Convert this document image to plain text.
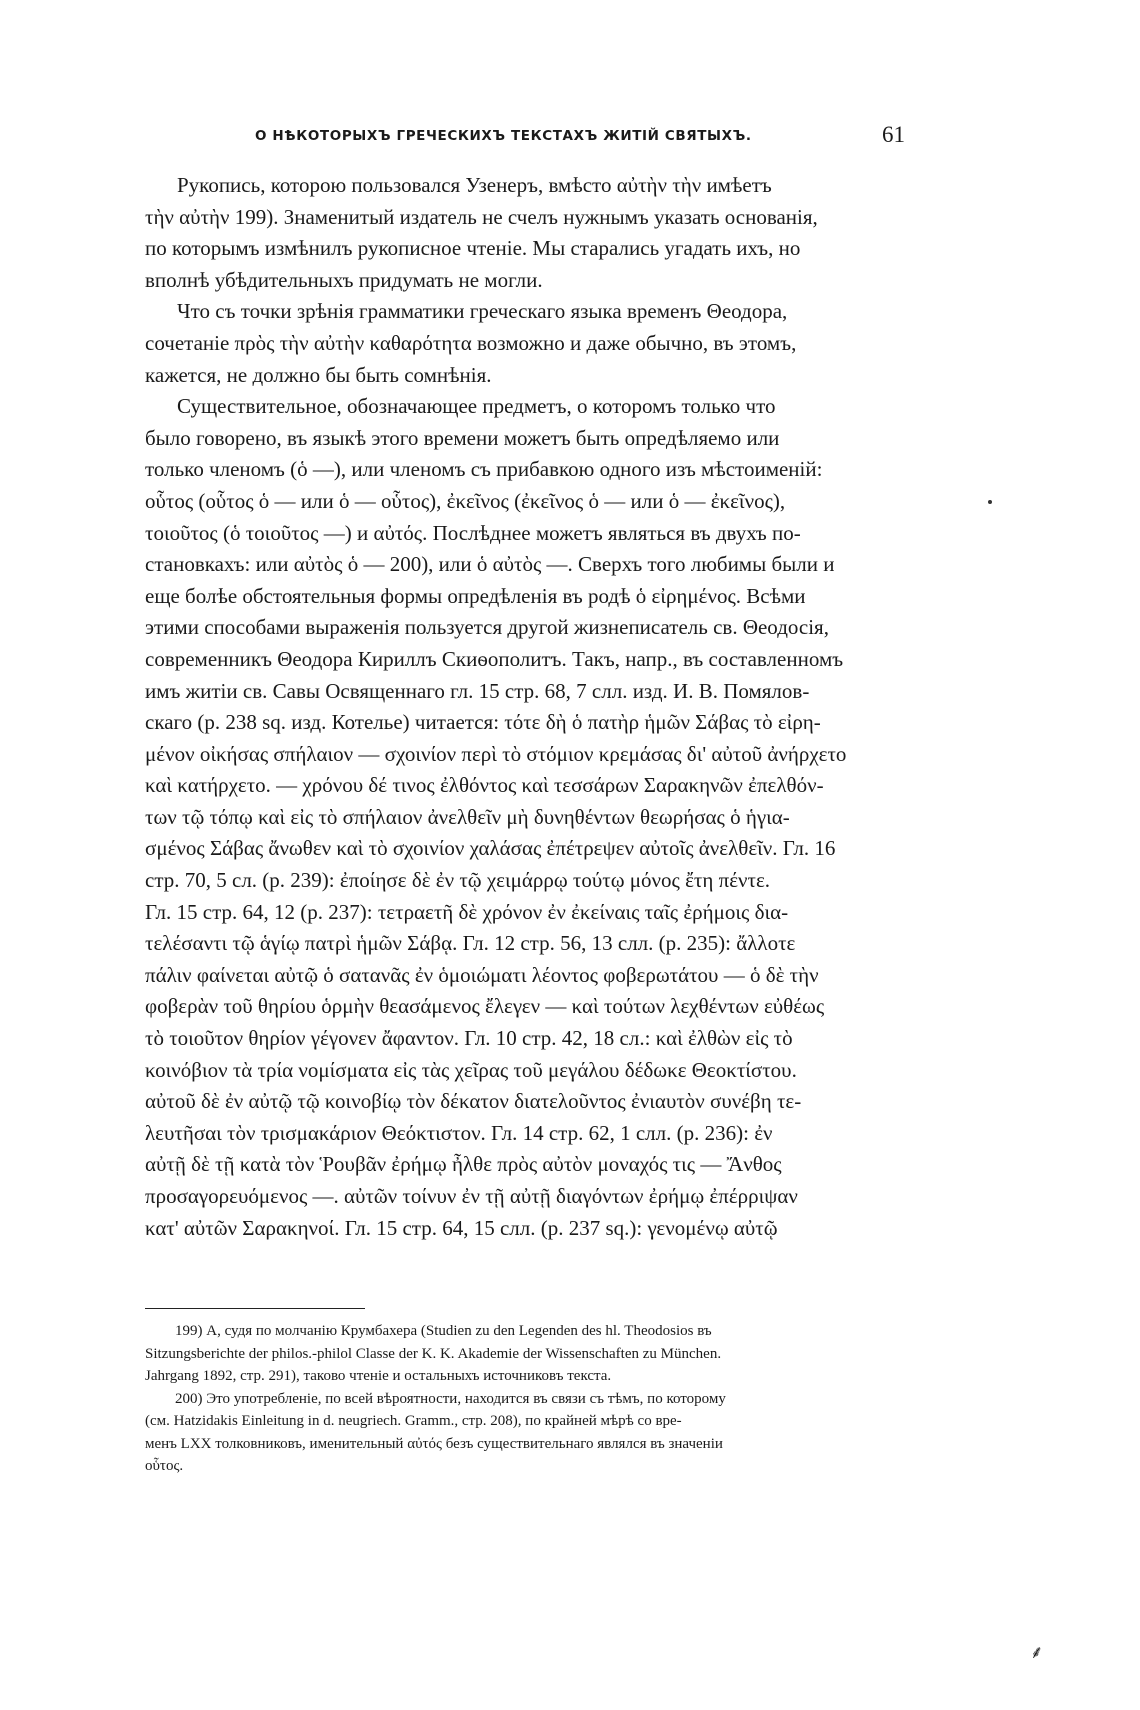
О НѢКОТОРЫХЪ ГРЕЧЕСКИХЪ ТЕКСТАХЪ ЖИТІЙ СВЯТЫХЪ.	61
Рукопись, которою пользовался Узенеръ, вмѣсто αὐτὴν τὴν имѣетъ
τὴν αὐτὴν 199). Знаменитый издатель не счелъ нужнымъ указать основанія,
по которымъ измѣнилъ рукописное чтеніе. Мы старались угадать ихъ, но
вполнѣ убѣдительныхъ придумать не могли.
Что съ точки зрѣнія грамматики греческаго языка временъ Θеодора,
сочетаніе πρὸς τὴν αὐτὴν καθαρότητα возможно и даже обычно, въ этомъ,
кажется, не должно бы быть сомнѣнія.
Существительное, обозначающее предметъ, о которомъ только что
было говорено, въ языкѣ этого времени можетъ быть опредѣляемо или
только членомъ (ὁ —), или членомъ съ прибавкою одного изъ мѣстоименій:
οὗτος (οὗτος ὁ — или ὁ — οὗτος), ἐκεῖνος (ἐκεῖνος ὁ — или ὁ — ἐκεῖνος),
τοιοῦτος (ὁ τοιοῦτος —) и αὐτός. Послѣднее можетъ являться въ двухъ по-
становкахъ: или αὐτὸς ὁ — 200), или ὁ αὐτὸς —. Сверхъ того любимы были и
еще болѣе обстоятельныя формы опредѣленія въ родѣ ὁ εἰρημένος. Всѣми
этими способами выраженія пользуется другой жизнеписатель св. Θеодосія,
современникъ Θеодора Кириллъ Скиѳополитъ. Такъ, напр., въ составленномъ
имъ житіи св. Савы Освященнаго гл. 15 стр. 68, 7 слл. изд. И. В. Помялов-
скаго (p. 238 sq. изд. Котелье) читается: τότε δὴ ὁ πατὴρ ἡμῶν Σάβας τὸ εἰρη-
μένον οἰκήσας σπήλαιον — σχοινίον περὶ τὸ στόμιον κρεμάσας δι' αὐτοῦ ἀνήρχετο
καὶ κατήρχετο. — χρόνου δέ τινος ἐλθόντος καὶ τεσσάρων Σαρακηνῶν ἐπελθόν-
των τῷ τόπῳ καὶ εἰς τὸ σπήλαιον ἀνελθεῖν μὴ δυνηθέντων θεωρήσας ὁ ἡγια-
σμένος Σάβας ἄνωθεν καὶ τὸ σχοινίον χαλάσας ἐπέτρεψεν αὐτοῖς ἀνελθεῖν. Гл. 16
стр. 70, 5 сл. (p. 239): ἐποίησε δὲ ἐν τῷ χειμάρρῳ τούτῳ μόνος ἔτη πέντε.
Гл. 15 стр. 64, 12 (p. 237): τετραετῆ δὲ χρόνον ἐν ἐκείναις ταῖς ἐρήμοις δια-
τελέσαντι τῷ ἁγίῳ πατρὶ ἡμῶν Σάβᾳ. Гл. 12 стр. 56, 13 слл. (p. 235): ἄλλοτε
πάλιν φαίνεται αὐτῷ ὁ σατανᾶς ἐν ὁμοιώματι λέοντος φοβερωτάτου — ὁ δὲ τὴν
φοβερὰν τοῦ θηρίου ὁρμὴν θεασάμενος ἔλεγεν — καὶ τούτων λεχθέντων εὐθέως
τὸ τοιοῦτον θηρίον γέγονεν ἄφαντον. Гл. 10 стр. 42, 18 сл.: καὶ ἐλθὼν εἰς τὸ
κοινόβιον τὰ τρία νομίσματα εἰς τὰς χεῖρας τοῦ μεγάλου δέδωκε Θεοκτίστου.
αὐτοῦ δὲ ἐν αὐτῷ τῷ κοινοβίῳ τὸν δέκατον διατελοῦντος ἐνιαυτὸν συνέβη τε-
λευτῆσαι τὸν τρισμακάριον Θεόκτιστον. Гл. 14 стр. 62, 1 слл. (p. 236): ἐν
αὐτῇ δὲ τῇ κατὰ τὸν Ῥουβᾶν ἐρήμῳ ἦλθε πρὸς αὐτὸν μοναχός τις — Ἄνθος
προσαγορευόμενος —. αὐτῶν τοίνυν ἐν τῇ αὐτῇ διαγόντων ἐρήμῳ ἐπέρριψαν
κατ' αὐτῶν Σαρακηνοί. Гл. 15 стр. 64, 15 слл. (p. 237 sq.): γενομένῳ αὐτῷ
199) А, судя по молчанію Крумбахера (Studien zu den Legenden des hl. Theodosios въ
Sitzungsberichte der philos.-philol Classe der K. K. Akademie der Wissenschaften zu München.
Jahrgang 1892, стр. 291), таково чтеніе и остальныхъ источниковъ текста.
200) Это употребленіе, по всей вѣроятности, находится въ связи съ тѣмъ, по которому
(см. Hatzidakis Einleitung in d. neugriech. Gramm., стр. 208), по крайней мѣрѣ со вре-
менъ LXX толковниковъ, именительный αὐτός безъ существительнаго являлся въ значеніи
οὗτος.
⸙
